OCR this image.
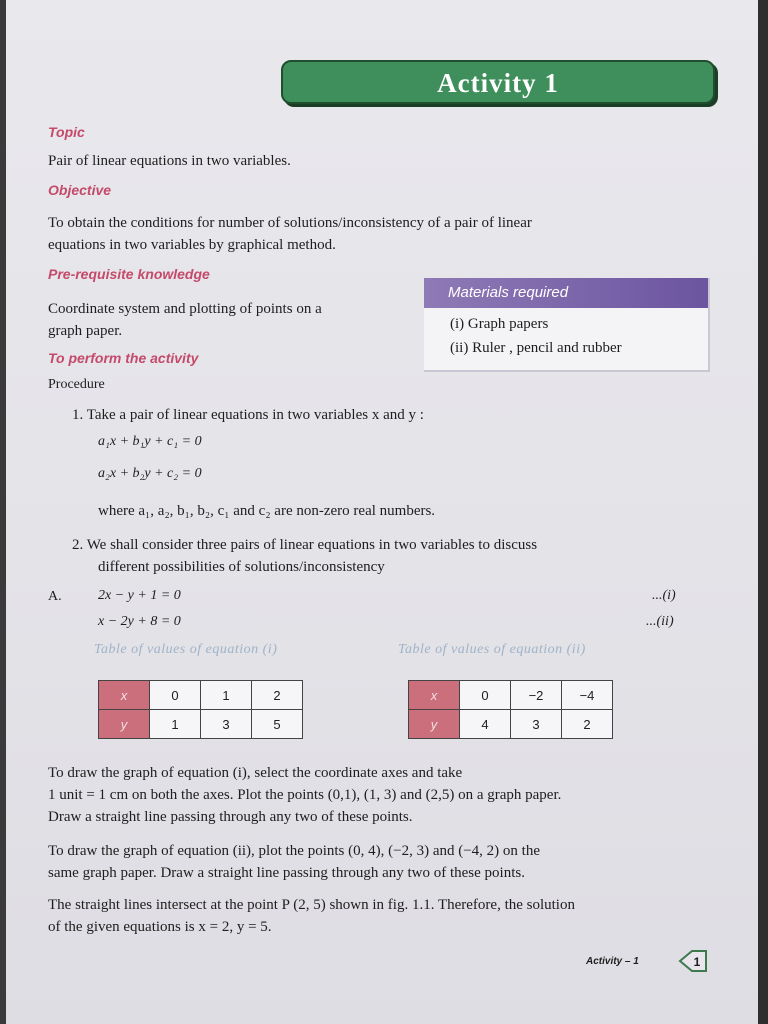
Activity 1
Topic
Pair of linear equations in two variables.
Objective
To obtain the conditions for number of solutions/inconsistency of a pair of linear
equations in two variables by graphical method.
Pre-requisite knowledge
Coordinate system and plotting of points on a
graph paper.
Materials required
(i) Graph papers
(ii) Ruler , pencil and rubber
To perform the activity
Procedure
1. Take a pair of linear equations in two variables x and y :
a₁x + b₁y + c₁ = 0
a₂x + b₂y + c₂ = 0
where a₁, a₂, b₁, b₂, c₁ and c₂ are non-zero real numbers.
2. We shall consider three pairs of linear equations in two variables to discuss
different possibilities of solutions/inconsistency
A.	2x − y + 1 = 0	...(i)
x − 2y + 8 = 0	...(ii)
Table of values of equation (i)	Table of values of equation (ii)
x	0	1	2
y	1	3	5
x	0	−2	−4
y	4	3	2
To draw the graph of equation (i), select the coordinate axes and take
1 unit = 1 cm on both the axes. Plot the points (0,1), (1, 3) and (2,5) on a graph paper.
Draw a straight line passing through any two of these points.
To draw the graph of equation (ii), plot the points (0, 4), (−2, 3) and (−4, 2) on the
same graph paper. Draw a straight line passing through any two of these points.
The straight lines intersect at the point P (2, 5) shown in fig. 1.1. Therefore, the solution
of the given equations is x = 2, y = 5.
Activity – 1	1
